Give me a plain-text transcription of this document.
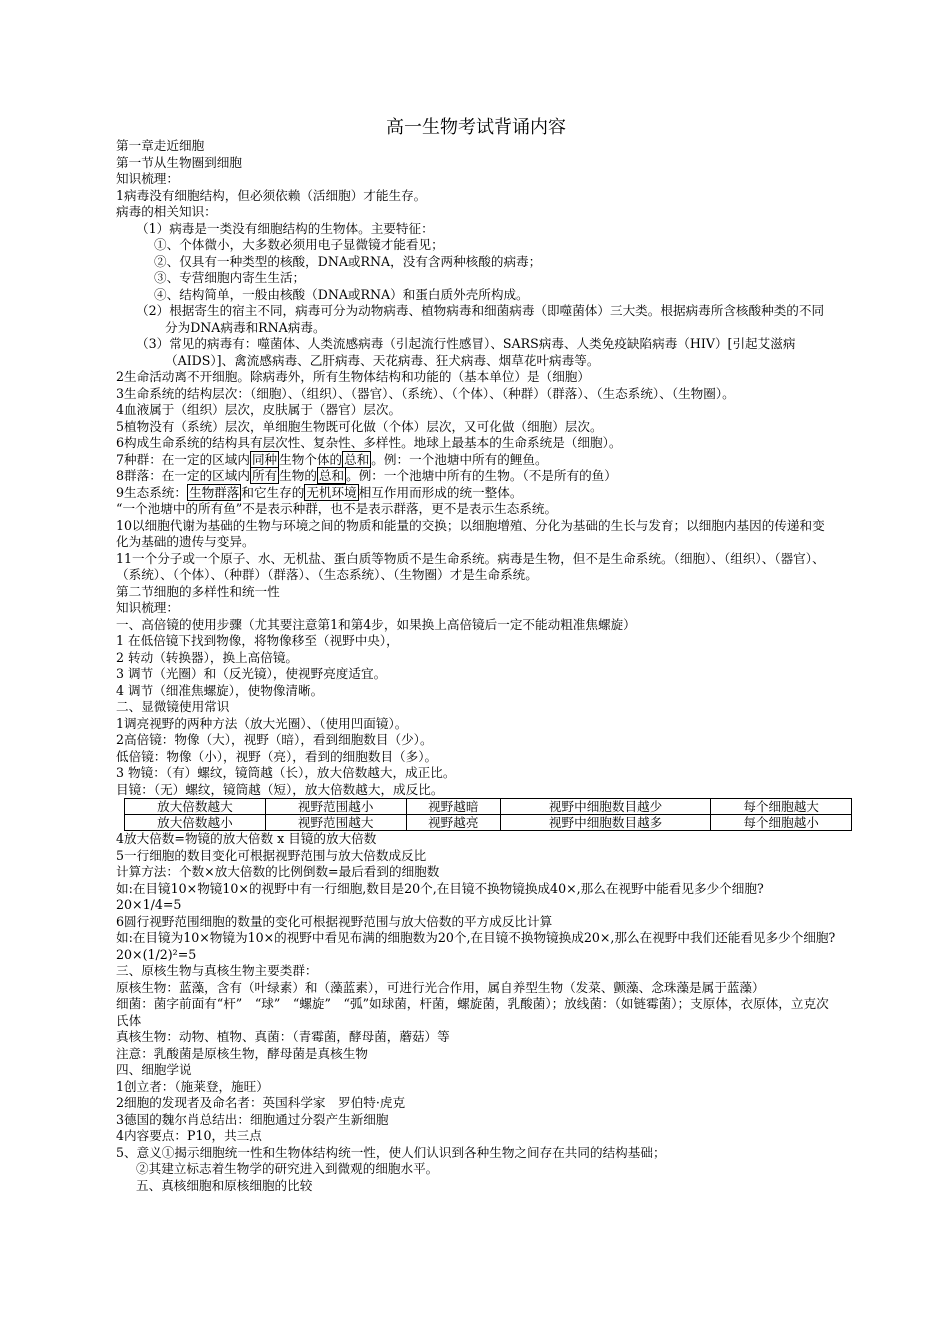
高一生物考试背诵内容

第一章走近细胞

第一节从生物圈到细胞

知识梳理：

1病毒没有细胞结构，但必须依赖（活细胞）才能生存。

病毒的相关知识：

（1）病毒是一类没有细胞结构的生物体。主要特征：

①、个体微小，大多数必须用电子显微镜才能看见；

②、仅具有一种类型的核酸，DNA或RNA，没有含两种核酸的病毒；

③、专营细胞内寄生生活；

④、结构简单，一般由核酸（DNA或RNA）和蛋白质外壳所构成。

（2）根据寄生的宿主不同，病毒可分为动物病毒、植物病毒和细菌病毒（即噬菌体）三大类。根据病毒所含核酸种类的不同分为DNA病毒和RNA病毒。

（3）常见的病毒有：噬菌体、人类流感病毒（引起流行性感冒）、SARS病毒、人类免疫缺陷病毒（HIV）[引起艾滋病（AIDS）]、禽流感病毒、乙肝病毒、天花病毒、狂犬病毒、烟草花叶病毒等。

2生命活动离不开细胞。除病毒外，所有生物体结构和功能的（基本单位）是（细胞）

3生命系统的结构层次：（细胞）、（组织）、（器官）、（系统）、（个体）、（种群）（群落）、（生态系统）、（生物圈）。

4血液属于（组织）层次，皮肤属于（器官）层次。

5植物没有（系统）层次，单细胞生物既可化做（个体）层次，又可化做（细胞）层次。

6构成生命系统的结构具有层次性、复杂性、多样性。地球上最基本的生命系统是（细胞）。

7种群：在一定的区域内 同种 生物个体的 总和 。例：一个池塘中所有的鲤鱼。

8群落：在一定的区域内 所有 生物的 总和 。例：一个池塘中所有的生物。（不是所有的鱼）

9生态系统： 生物群落 和它生存的 无机环境 相互作用而形成的统一整体。

“一个池塘中的所有鱼”不是表示种群，也不是表示群落，更不是表示生态系统。

10以细胞代谢为基础的生物与环境之间的物质和能量的交换；以细胞增殖、分化为基础的生长与发育；以细胞内基因的传递和变化为基础的遗传与变异。

11一个分子或一个原子、水、无机盐、蛋白质等物质不是生命系统。病毒是生物，但不是生命系统。（细胞）、（组织）、（器官）、（系统）、（个体）、（种群）（群落）、（生态系统）、（生物圈）才是生命系统。

第二节细胞的多样性和统一性

知识梳理：

一、高倍镜的使用步骤（尤其要注意第1和第4步，如果换上高倍镜后一定不能动粗准焦螺旋）

1 在低倍镜下找到物像，将物像移至（视野中央），

2 转动（转换器），换上高倍镜。

3 调节（光圈）和（反光镜），使视野亮度适宜。

4 调节（细准焦螺旋），使物像清晰。

二、显微镜使用常识

1调亮视野的两种方法（放大光圈）、（使用凹面镜）。

2高倍镜：物像（大），视野（暗），看到细胞数目（少）。

低倍镜：物像（小），视野（亮），看到的细胞数目（多）。

3 物镜：（有）螺纹，镜筒越（长），放大倍数越大，成正比。

目镜：（无）螺纹，镜筒越（短），放大倍数越大，成反比。

放大倍数越大	视野范围越小	视野越暗	视野中细胞数目越少	每个细胞越大
放大倍数越小	视野范围越大	视野越亮	视野中细胞数目越多	每个细胞越小

4放大倍数=物镜的放大倍数 x 目镜的放大倍数

5一行细胞的数目变化可根据视野范围与放大倍数成反比

计算方法：个数×放大倍数的比例倒数=最后看到的细胞数

如:在目镜10×物镜10×的视野中有一行细胞,数目是20个,在目镜不换物镜换成40×,那么在视野中能看见多少个细胞?　 20×1/4=5

6圆行视野范围细胞的数量的变化可根据视野范围与放大倍数的平方成反比计算

如:在目镜为10×物镜为10×的视野中看见布满的细胞数为20个,在目镜不换物镜换成20×,那么在视野中我们还能看见多少个细胞?　20×(1/2)²=5

三、原核生物与真核生物主要类群：

原核生物：蓝藻，含有（叶绿素）和（藻蓝素），可进行光合作用，属自养型生物（发菜、颤藻、念珠藻是属于蓝藻）

细菌：菌字前面有“杆”　“球”　“螺旋”　“弧”如球菌，杆菌，螺旋菌，乳酸菌）；放线菌：（如链霉菌）；支原体，衣原体，立克次氏体

真核生物：动物、植物、真菌：（青霉菌，酵母菌，蘑菇）等

注意：乳酸菌是原核生物，酵母菌是真核生物

四、细胞学说

1创立者：（施莱登，施旺）

2细胞的发现者及命名者：英国科学家　罗伯特·虎克

3德国的魏尔肖总结出：细胞通过分裂产生新细胞

4内容要点：P10，共三点

5、意义①揭示细胞统一性和生物体结构统一性，使人们认识到各种生物之间存在共同的结构基础；

②其建立标志着生物学的研究进入到微观的细胞水平。

五、真核细胞和原核细胞的比较
